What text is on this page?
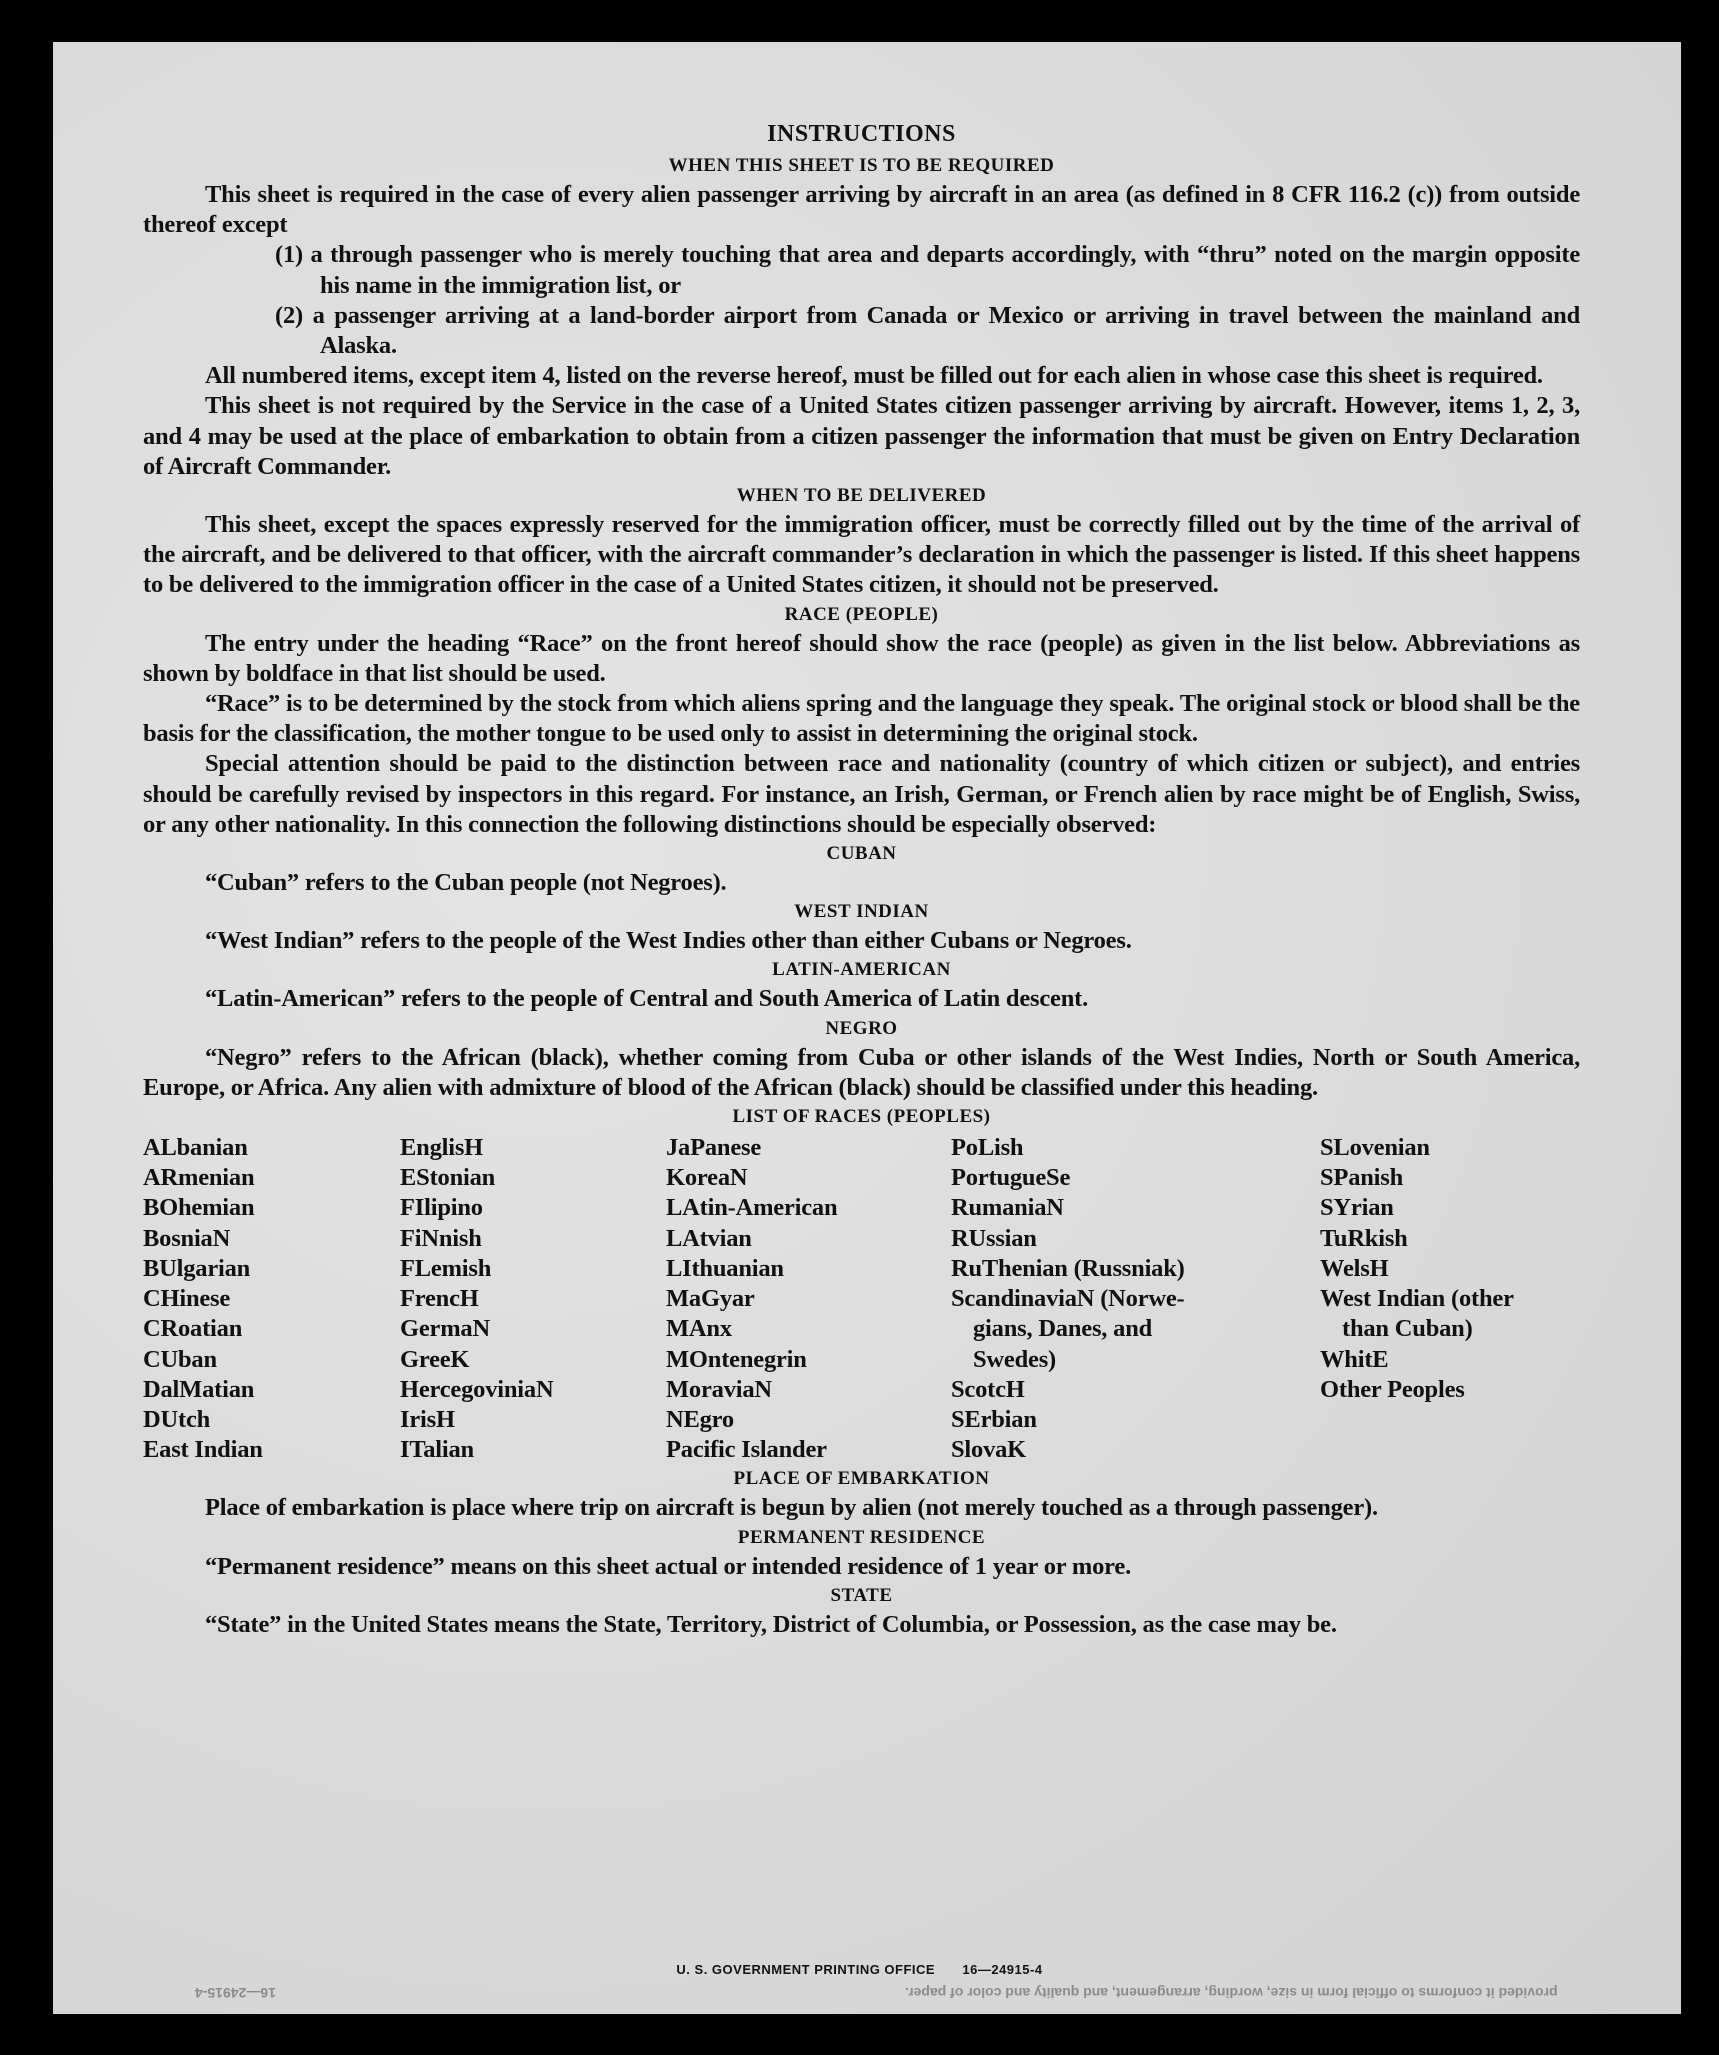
provided it conforms to official form in size, wording, arrangement, and quality and color of paper.
16—24915-4
INSTRUCTIONS
WHEN THIS SHEET IS TO BE REQUIRED

This sheet is required in the case of every alien passenger arriving by aircraft in an area (as defined in 8 CFR 116.2 (c)) from outside thereof except

(1) a through passenger who is merely touching that area and departs accordingly, with “thru” noted on the margin opposite his name in the immigration list, or

(2) a passenger arriving at a land-border airport from Canada or Mexico or arriving in travel between the mainland and Alaska.

All numbered items, except item 4, listed on the reverse hereof, must be filled out for each alien in whose case this sheet is required.

This sheet is not required by the Service in the case of a United States citizen passenger arriving by aircraft. However, items 1, 2, 3, and 4 may be used at the place of embarkation to obtain from a citizen passenger the information that must be given on Entry Declaration of Aircraft Commander.

WHEN TO BE DELIVERED

This sheet, except the spaces expressly reserved for the immigration officer, must be correctly filled out by the time of the arrival of the aircraft, and be delivered to that officer, with the aircraft commander’s declaration in which the passenger is listed. If this sheet happens to be delivered to the immigration officer in the case of a United States citizen, it should not be preserved.

RACE (PEOPLE)

The entry under the heading “Race” on the front hereof should show the race (people) as given in the list below. Abbreviations as shown by boldface in that list should be used.

“Race” is to be determined by the stock from which aliens spring and the language they speak. The original stock or blood shall be the basis for the classification, the mother tongue to be used only to assist in determining the original stock.

Special attention should be paid to the distinction between race and nationality (country of which citizen or subject), and entries should be carefully revised by inspectors in this regard. For instance, an Irish, German, or French alien by race might be of English, Swiss, or any other nationality. In this connection the following distinctions should be especially observed:

CUBAN

“Cuban” refers to the Cuban people (not Negroes).

WEST INDIAN

“West Indian” refers to the people of the West Indies other than either Cubans or Negroes.

LATIN-AMERICAN

“Latin-American” refers to the people of Central and South America of Latin descent.

NEGRO

“Negro” refers to the African (black), whether coming from Cuba or other islands of the West Indies, North or South America, Europe, or Africa. Any alien with admixture of blood of the African (black) should be classified under this heading.

LIST OF RACES (PEOPLES)
ALbanian
ARmenian
BOhemian
BosniaN
BUlgarian
CHinese
CRoatian
CUban
DalMatian
DUtch
East Indian
EnglisH
EStonian
FIlipino
FiNnish
FLemish
FrencH
GermaN
GreeK
HercegoviniaN
IrisH
ITalian
JaPanese
KoreaN
LAtin-American
LAtvian
LIthuanian
MaGyar
MAnx
MOntenegrin
MoraviaN
NEgro
Pacific Islander
PoLish
PortugueSe
RumaniaN
RUssian
RuThenian (Russniak)
ScandinaviaN (Norwe-
gians, Danes, and
Swedes)
ScotcH
SErbian
SlovaK
SLovenian
SPanish
SYrian
TuRkish
WelsH
West Indian (other
than Cuban)
WhitE
Other Peoples
PLACE OF EMBARKATION

Place of embarkation is place where trip on aircraft is begun by alien (not merely touched as a through passenger).

PERMANENT RESIDENCE

“Permanent residence” means on this sheet actual or intended residence of 1 year or more.

STATE

“State” in the United States means the State, Territory, District of Columbia, or Possession, as the case may be.

U. S. GOVERNMENT PRINTING OFFICE 16—24915-4
